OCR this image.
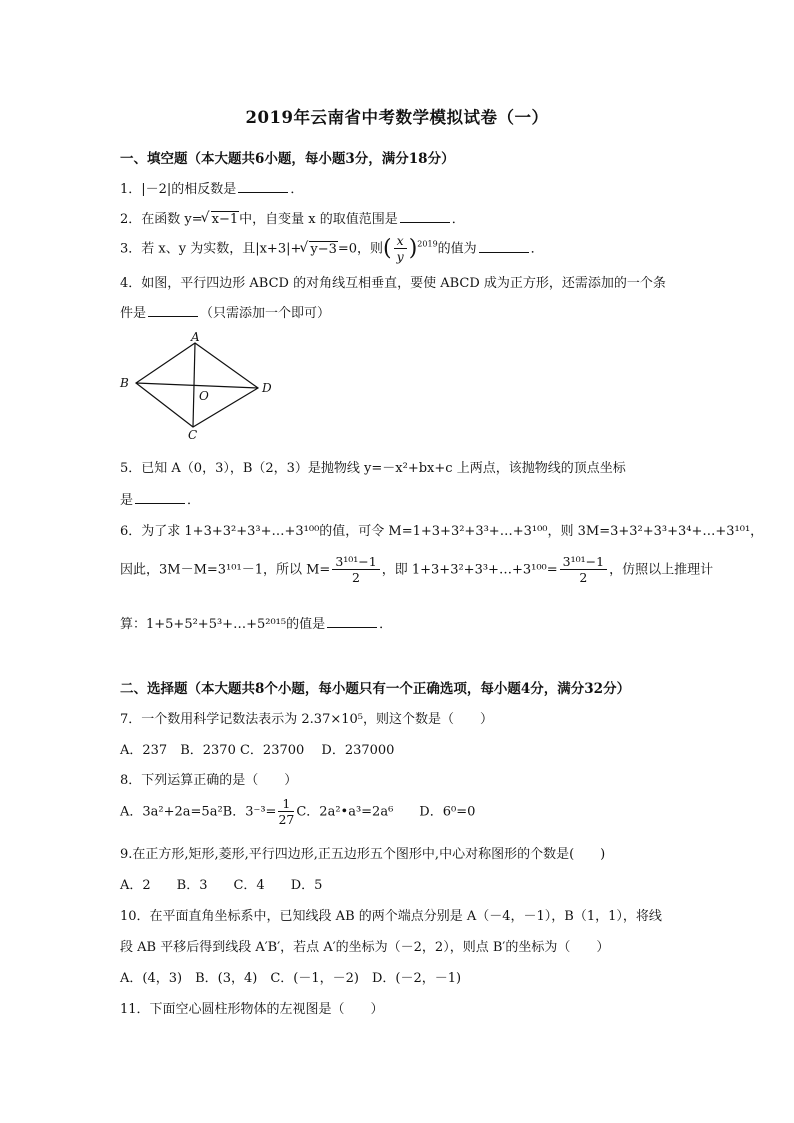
2019年云南省中考数学模拟试卷（一）
一、填空题（本大题共6小题，每小题3分，满分18分）
1．|－2|的相反数是	．
2．在函数 y= √ x−1中，自变量 x 的取值范围是	．
3．若 x、y 为实数，且|x+3|+ √ y−3=0，则( $\frac{x}{y} )^{2019}$的值为	．
4．如图，平行四边形 ABCD 的对角线互相垂直，要使 ABCD 成为正方形，还需添加的一个条
件是	（只需添加一个即可）
A
B
C
D
O
5．已知 A（0，3），B（2，3）是抛物线 y=－x²+bx+c 上两点，该抛物线的顶点坐标
是	．
6．为了求 1+3+3²+3³+…+3¹⁰⁰的值，可令 M=1+3+3²+3³+…+3¹⁰⁰，则 3M=3+3²+3³+3⁴+…+3¹⁰¹，
因此，3M－M=3¹⁰¹－1，所以 $M= \frac{\text{3¹⁰¹−1}}{2}$ ，即 1+3+3²+3³+…+3¹⁰⁰= $\frac{\text{3¹⁰¹−1}}{2}$ ，仿照以上推理计
算：1+5+5²+5³+…+5²⁰¹⁵的值是	．
二、选择题（本大题共8个小题，每小题只有一个正确选项，每小题4分，满分32分）
7．一个数用科学记数法表示为 2.37×10⁵，则这个数是（　　）
A．237　B．2370 C．23700　 D．237000
8．下列运算正确的是（　　）
A．3a²+2a=5a²B．$3^{-3}= \frac{1}{27}$ C．2a²•a³=2a⁶　　D．6⁰=0
9.在正方形,矩形,菱形,平行四边形,正五边形五个图形中,中心对称图形的个数是(　　)
A．2　　B．3　　C．4　　D．5
10．在平面直角坐标系中，已知线段 AB 的两个端点分别是 A（－4，－1），B（1，1），将线
段 AB 平移后得到线段 A′B′，若点 A′的坐标为（－2，2），则点 B′的坐标为（　　）
A．(4，3)　B．(3，4)　C．(－1，－2)　D．(－2，－1)
11．下面空心圆柱形物体的左视图是（　　）
